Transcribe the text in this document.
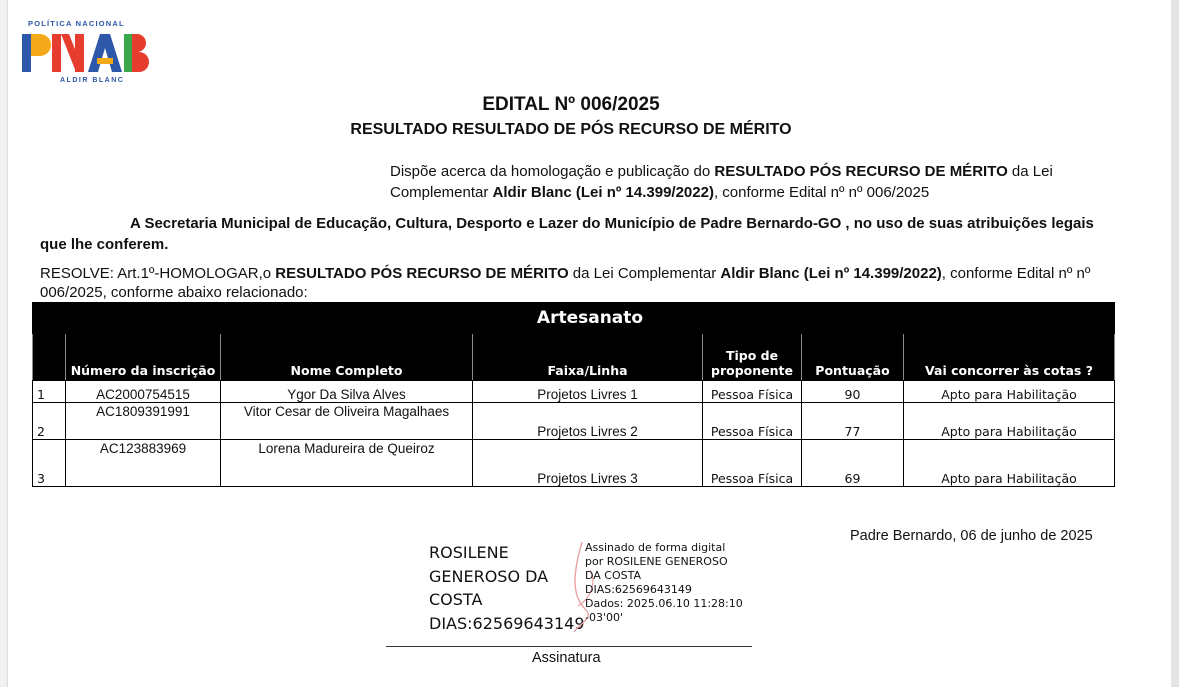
POLÍTICA NACIONAL
ALDIR BLANC
EDITAL Nº 006/2025
RESULTADO RESULTADO DE PÓS RECURSO DE MÉRITO
Dispõe acerca da homologação e publicação do RESULTADO PÓS RECURSO DE MÉRITO da Lei Complementar Aldir Blanc (Lei nº 14.399/2022), conforme Edital nº nº 006/2025
A Secretaria Municipal de Educação, Cultura, Desporto e Lazer do Município de Padre Bernardo-GO , no uso de suas atribuições legais que lhe conferem.
RESOLVE: Art.1º-HOMOLOGAR,o RESULTADO PÓS RECURSO DE MÉRITO da Lei Complementar Aldir Blanc (Lei nº 14.399/2022), conforme Edital nº nº 006/2025, conforme abaixo relacionado:
	Artesanato					
	Número da inscrição	Nome Completo	Faixa/Linha	Tipo de
proponente	Pontuação	Vai concorrer às cotas ?
1	AC2000754515	Ygor Da Silva Alves	Projetos Livres 1	Pessoa Física	90	Apto para Habilitação
2	AC1809391991	Vitor Cesar de Oliveira Magalhaes	Projetos Livres 2	Pessoa Física	77	Apto para Habilitação
3	AC123883969	Lorena Madureira de Queiroz	Projetos Livres 3	Pessoa Física	69	Apto para Habilitação
Padre Bernardo, 06 de junho de 2025
ROSILENE
GENEROSO DA
COSTA
DIAS:62569643149
Assinado de forma digital
por ROSILENE GENEROSO
DA COSTA
DIAS:62569643149
Dados: 2025.06.10 11:28:10
-03'00'
Assinatura
